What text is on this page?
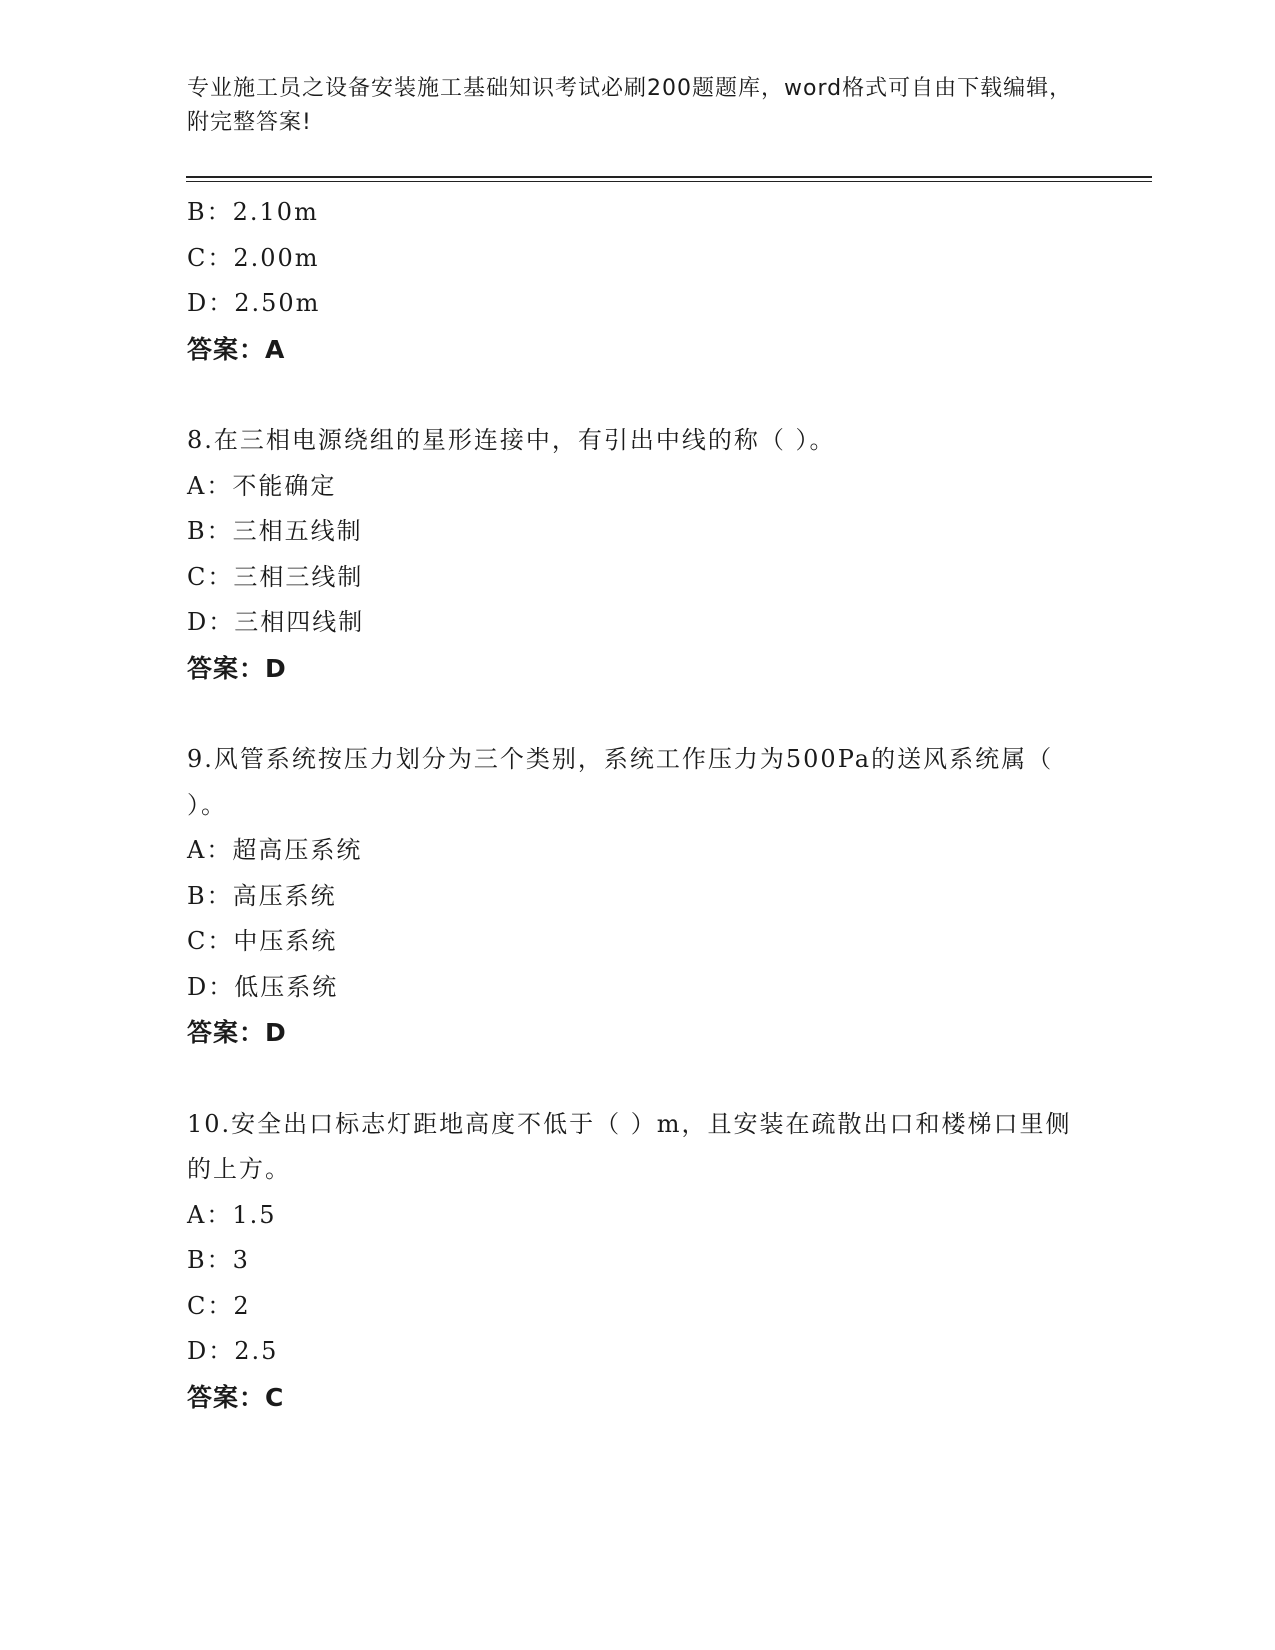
专业施工员之设备安装施工基础知识考试必刷200题题库，word格式可自由下载编辑，附完整答案!
B：2.10m
C：2.00m
D：2.50m
答案：A
8.在三相电源绕组的星形连接中，有引出中线的称（ ）。
A：不能确定
B：三相五线制
C：三相三线制
D：三相四线制
答案：D
9.风管系统按压力划分为三个类别，系统工作压力为500Pa的送风系统属（ ）。
A：超高压系统
B：高压系统
C：中压系统
D：低压系统
答案：D
10.安全出口标志灯距地高度不低于（ ）m，且安装在疏散出口和楼梯口里侧的上方。
A：1.5
B：3
C：2
D：2.5
答案：C
